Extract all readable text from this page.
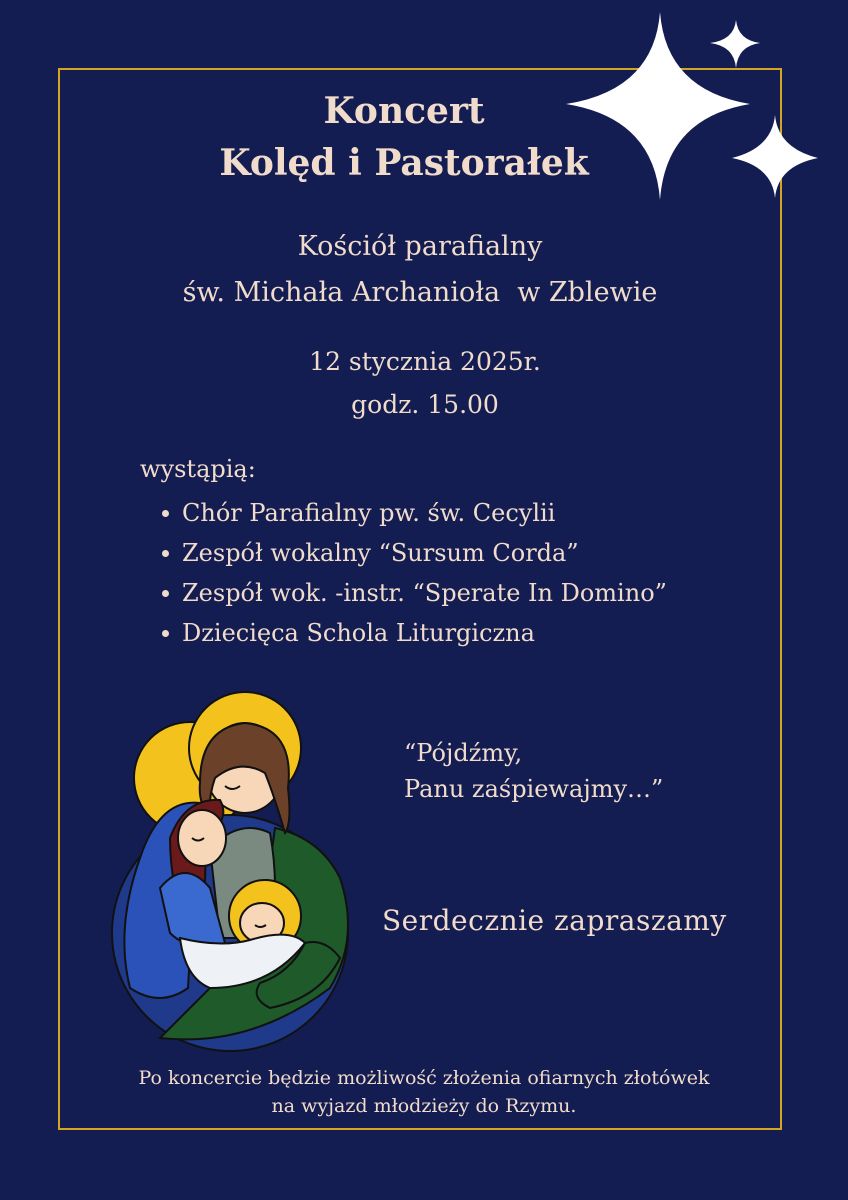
Koncert
Kolęd i Pastorałek
Kościół parafialny
św. Michała Archanioła  w Zblewie
12 stycznia 2025r.
godz. 15.00
wystąpią:
Chór Parafialny pw. św. Cecylii
Zespół wokalny “Sursum Corda”
Zespół wok. -instr. “Sperate In Domino”
Dziecięca Schola Liturgiczna
“Pójdźmy,
Panu zaśpiewajmy…”
Serdecznie zapraszamy
Po koncercie będzie możliwość złożenia ofiarnych złotówek
na wyjazd młodzieży do Rzymu.
